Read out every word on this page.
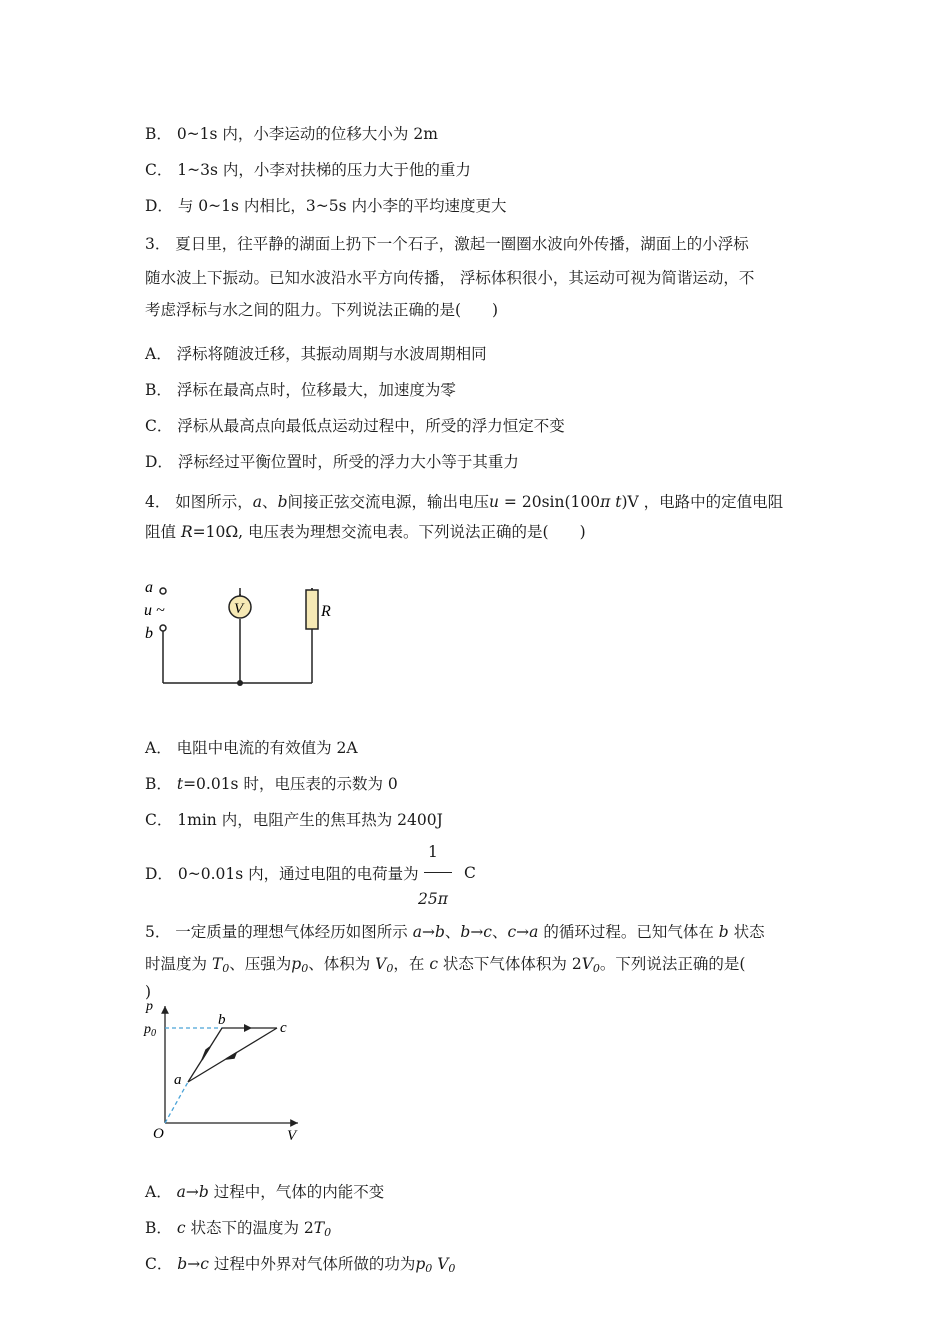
B． 0~1s 内，小李运动的位移大小为 2m
C． 1~3s 内，小李对扶梯的压力大于他的重力
D． 与 0~1s 内相比，3~5s 内小李的平均速度更大
3． 夏日里，往平静的湖面上扔下一个石子，激起一圈圈水波向外传播，湖面上的小浮标
随水波上下振动。已知水波沿水平方向传播， 浮标体积很小，其运动可视为简谐运动，不
考虑浮标与水之间的阻力。下列说法正确的是(　　)
A． 浮标将随波迁移，其振动周期与水波周期相同
B． 浮标在最高点时，位移最大，加速度为零
C． 浮标从最高点向最低点运动过程中，所受的浮力恒定不变
D． 浮标经过平衡位置时，所受的浮力大小等于其重力
4． 如图所示，a、b间接正弦交流电源，输出电压u = 20sin(100π t)V ，电路中的定值电阻
阻值 R=10Ω, 电压表为理想交流电表。下列说法正确的是(　　)
a
u ~
b
V	R
A． 电阻中电流的有效值为 2A
B． t=0.01s 时，电压表的示数为 0
C． 1min 内，电阻产生的焦耳热为 2400J
D． 0~0.01s 内，通过电阻的电荷量为
1
25π
C
5． 一定质量的理想气体经历如图所示 a→b、b→c、c→a 的循环过程。已知气体在 b 状态
时温度为 $T_0$、压强为$p_0$、体积为 $V_0$，在 c 状态下气体体积为 $2V_0$。下列说法正确的是(
)
p
V
O
$p_0$
b	c
a
A． a→b 过程中，气体的内能不变
B． c 状态下的温度为 $2T_0$
C． b→c 过程中外界对气体所做的功为$p_0$ $V_0$
